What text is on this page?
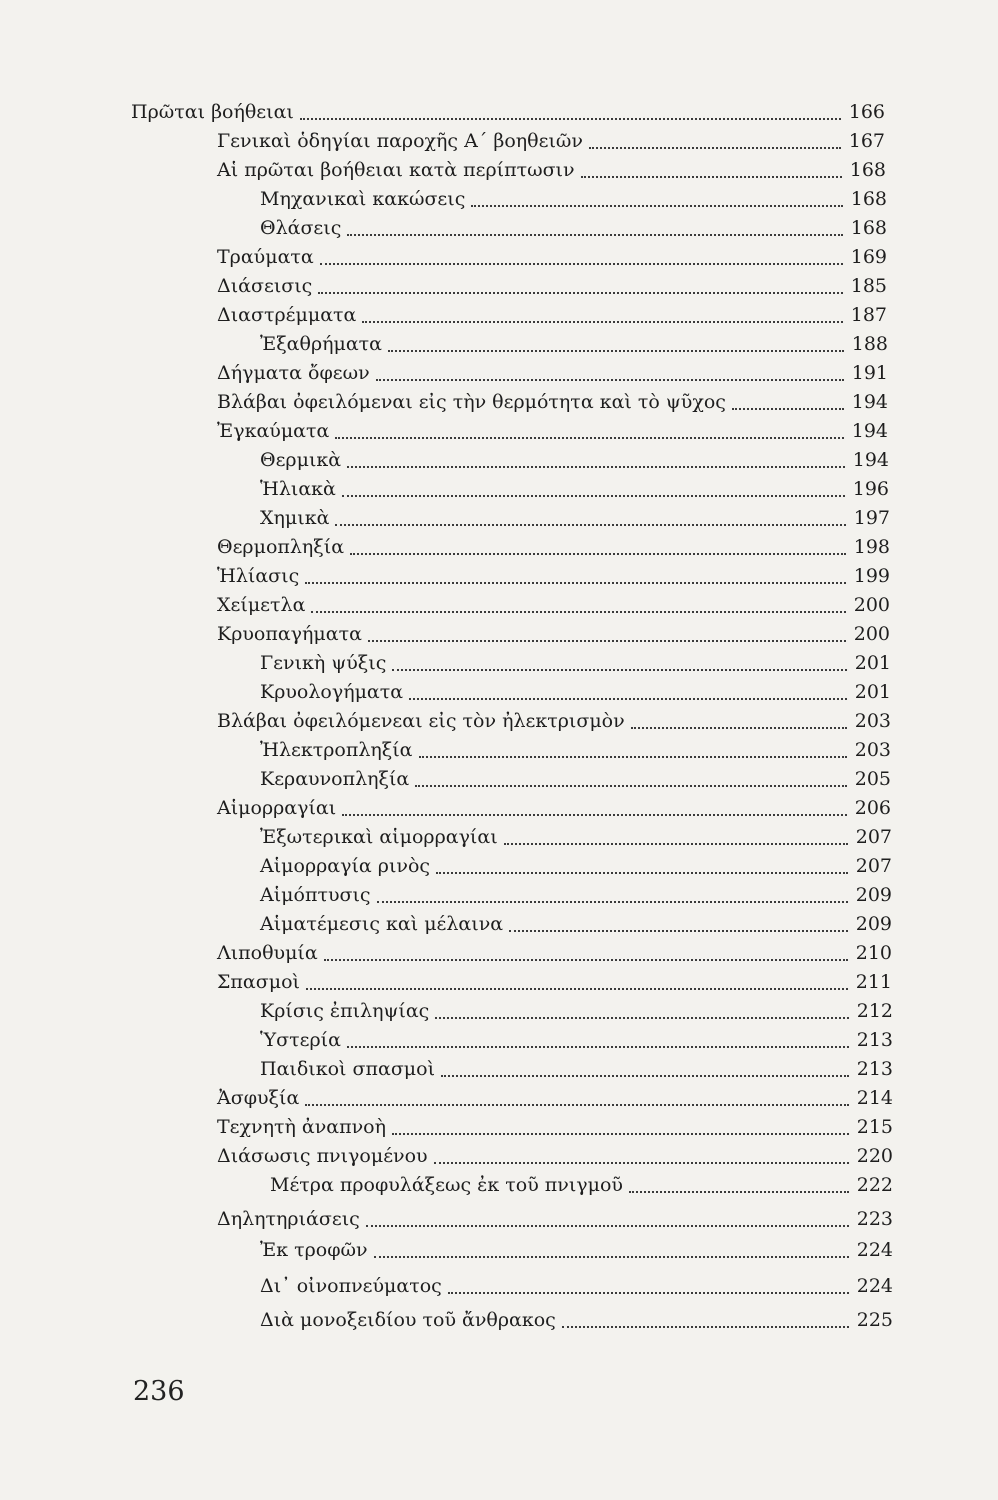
Πρῶται βοήθειαι	166
Γενικαὶ ὁδηγίαι παροχῆς Α΄ βοηθειῶν	167
Αἱ πρῶται βοήθειαι κατὰ περίπτωσιν	168
Μηχανικαὶ κακώσεις	168
Θλάσεις	168
Τραύματα	169
Διάσεισις	185
Διαστρέμματα	187
Ἐξαθρήματα	188
Δήγματα ὄφεων	191
Βλάβαι ὀφειλόμεναι εἰς τὴν θερμότητα καὶ τὸ ψῦχος	194
Ἐγκαύματα	194
Θερμικὰ	194
Ἡλιακὰ	196
Χημικὰ	197
Θερμοπληξία	198
Ἡλίασις	199
Χείμετλα	200
Κρυοπαγήματα	200
Γενικὴ ψύξις	201
Κρυολογήματα	201
Βλάβαι ὀφειλόμενεαι εἰς τὸν ἠλεκτρισμὸν	203
Ἠλεκτροπληξία	203
Κεραυνοπληξία	205
Αἱμορραγίαι	206
Ἐξωτερικαὶ αἱμορραγίαι	207
Αἱμορραγία ρινὸς	207
Αἱμόπτυσις	209
Αἱματέμεσις καὶ μέλαινα	209
Λιποθυμία	210
Σπασμοὶ	211
Κρίσις ἐπιληψίας	212
Ὑστερία	213
Παιδικοὶ σπασμοὶ	213
Ἀσφυξία	214
Τεχνητὴ ἀναπνοὴ	215
Διάσωσις πνιγομένου	220
Μέτρα προφυλάξεως ἐκ τοῦ πνιγμοῦ	222
Δηλητηριάσεις	223
Ἐκ τροφῶν	224
Δι᾽ οἰνοπνεύματος	224
Διὰ μονοξειδίου τοῦ ἄνθρακος	225
236
